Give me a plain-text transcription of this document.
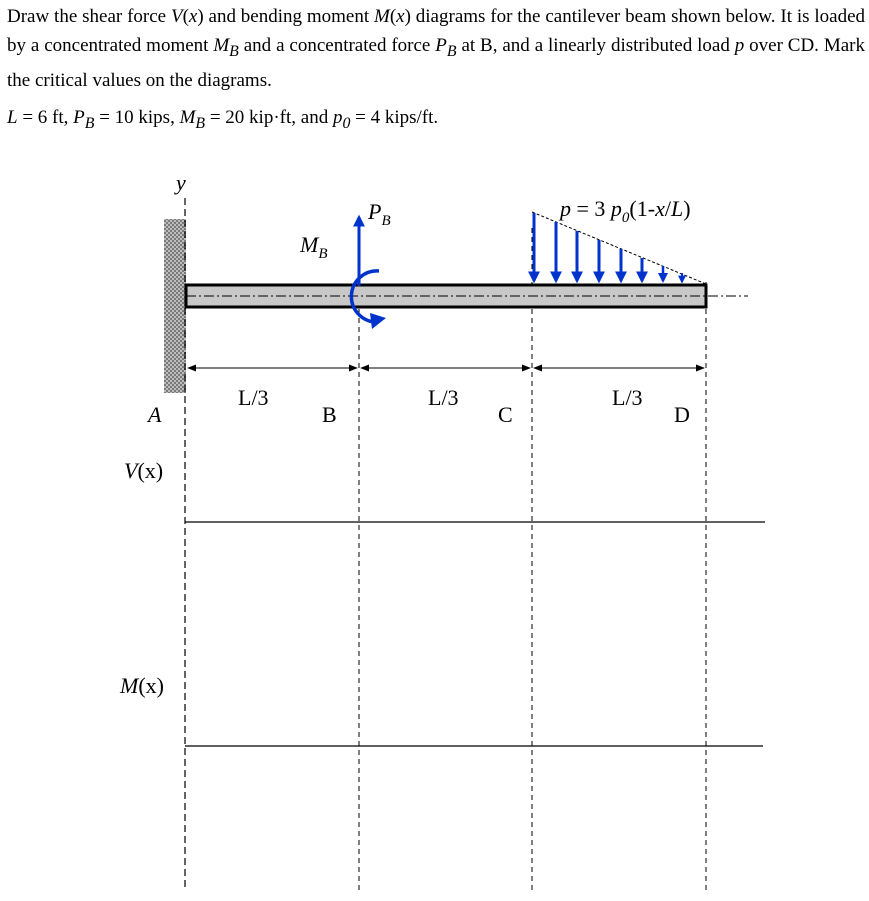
Draw the shear force V(x) and bending moment M(x) diagrams for the cantilever beam shown below. It is loaded by a concentrated moment $M_B$ and a concentrated force $P_B$ at B, and a linearly distributed load p over CD. Mark the critical values on the diagrams.

L = 6 ft, $P_B = 10$ kips, $M_B = 20$ kip·ft, and $p_0 = 4$ kips/ft.
y
$P_B$
$M_B$
p = 3 $p_0(1-x/L)$
L/3	L/3	L/3
A	B	C	D
V(x)
M(x)
